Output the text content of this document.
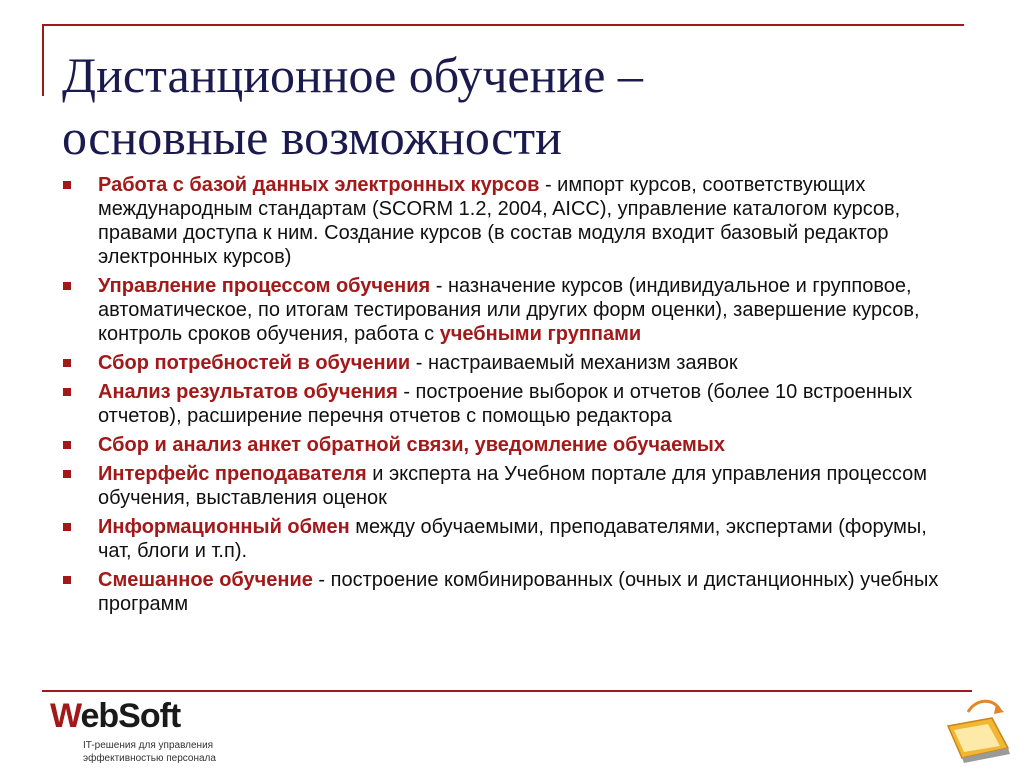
Дистанционное обучение –
основные возможности
Работа с базой данных электронных курсов - импорт курсов, соответствующих международным стандартам (SCORM 1.2, 2004, AICC), управление каталогом курсов, правами доступа к ним. Создание курсов (в состав модуля входит базовый редактор электронных курсов)
Управление процессом обучения - назначение курсов (индивидуальное и групповое, автоматическое, по итогам тестирования или других форм оценки), завершение курсов, контроль сроков обучения, работа с учебными группами
Сбор потребностей в обучении - настраиваемый механизм заявок
Анализ результатов обучения - построение выборок и отчетов (более 10 встроенных отчетов), расширение перечня отчетов с помощью редактора
Сбор и анализ анкет обратной связи, уведомление обучаемых
Интерфейс преподавателя и эксперта на Учебном портале для управления процессом обучения, выставления оценок
Информационный обмен между обучаемыми, преподавателями, экспертами (форумы, чат, блоги и т.п).
Смешанное обучение - построение комбинированных (очных и дистанционных) учебных программ
WebSoft
IT-решения для управления
эффективностью персонала
